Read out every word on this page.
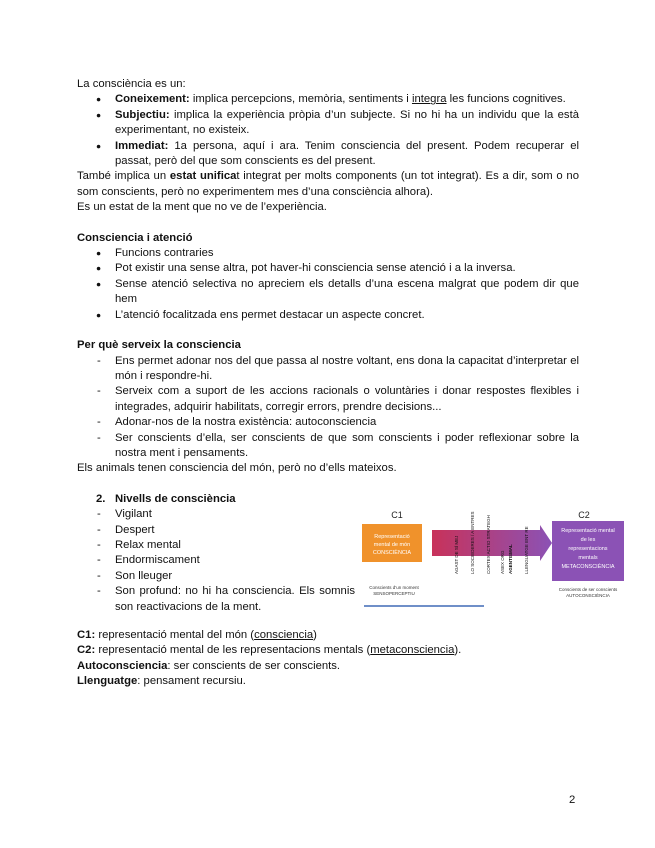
La consciència es un:

● Coneixement: implica percepcions, memòria, sentiments i integra les funcions cognitives.
● Subjectiu: implica la experiència pròpia d’un subjecte. Si no hi ha un individu que la està experimentant, no existeix.
● Immediat: 1a persona, aquí i ara. Tenim consciencia del present. Podem recuperar el passat, però del que som conscients es del present.

També implica un estat unificat integrat per molts components (un tot integrat). Es a dir, som o no som conscients, però no experimentem mes d’una consciència alhora).

Es un estat de la ment que no ve de l’experiència.

Consciencia i atenció

● Funcions contraries
● Pot existir una sense altra, pot haver-hi consciencia sense atenció i a la inversa.
● Sense atenció selectiva no apreciem els detalls d’una escena malgrat que podem dir que hem
● L’atenció focalitzada ens permet destacar un aspecte concret.

Per què serveix la consciencia

- Ens permet adonar nos del que passa al nostre voltant, ens dona la capacitat d’interpretar el món i respondre-hi.
- Serveix com a suport de les accions racionals o voluntàries i donar respostes flexibles i integrades, adquirir habilitats, corregir errors, prendre decisions...
- Adonar-nos de la nostra existència: autoconsciencia
- Ser conscients d’ella, ser conscients de que som conscients i poder reflexionar sobre la nostra ment i pensaments.

Els animals tenen consciencia del món, però no d’ells mateixos.

2. Nivells de consciència

- Vigilant
- Despert
- Relax mental
- Endormiscament
- Son lleuger
- Son profund: no hi ha consciencia. Els somnis son reactivacions de la ment.
C1	C2
Representació
mental de món
CONSCIÈNCIA
Representació mental
de les
representacions
mentals
METACONSCIÈNCIA
AGAST DE SÍ MEJ LO SOCIEDERES / A ENTRES CORTEX ACTIO STRATEGH ASEX ORG AGENTISMAL LLENGUATGE ENT RE
Conscients d’un moment
SENSOPERCEPTIU
Conscients de ser conscients
AUTOCONSCIÈNCIA

C1: representació mental del món (consciencia)

C2: representació mental de les representacions mentals (metaconsciencia).

Autoconsciencia: ser conscients de ser conscients.

Llenguatge: pensament recursiu.

2
